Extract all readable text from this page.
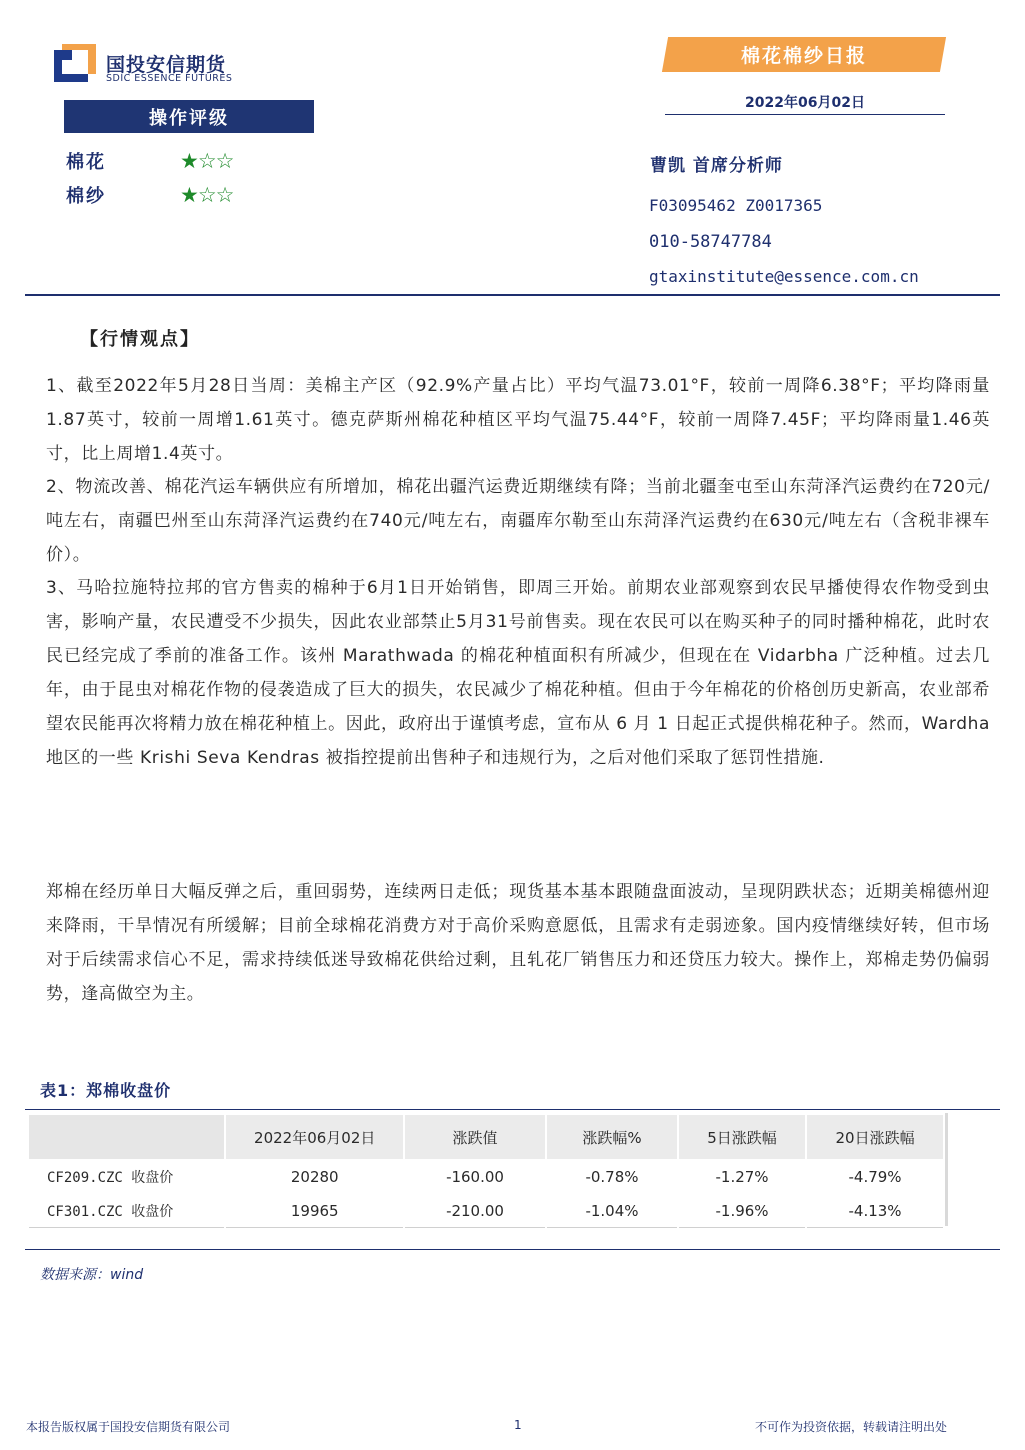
国投安信期货
SDIC ESSENCE FUTURES
操作评级
棉花	★☆☆
棉纱	★☆☆
棉花棉纱日报
2022年06月02日
曹凯 首席分析师
F03095462 Z0017365
010-58747784
gtaxinstitute@essence.com.cn
【行情观点】
1、截至2022年5月28日当周：美棉主产区（92.9%产量占比）平均气温73.01°F，较前一周降6.38°F；平均降雨量1.87英寸，较前一周增1.61英寸。德克萨斯州棉花种植区平均气温75.44°F，较前一周降7.45F；平均降雨量1.46英寸，比上周增1.4英寸。
2、物流改善、棉花汽运车辆供应有所增加，棉花出疆汽运费近期继续有降；当前北疆奎屯至山东菏泽汽运费约在720元/吨左右，南疆巴州至山东菏泽汽运费约在740元/吨左右，南疆库尔勒至山东菏泽汽运费约在630元/吨左右（含税非裸车价）。
3、马哈拉施特拉邦的官方售卖的棉种于6月1日开始销售，即周三开始。前期农业部观察到农民早播使得农作物受到虫害，影响产量，农民遭受不少损失，因此农业部禁止5月31号前售卖。现在农民可以在购买种子的同时播种棉花，此时农民已经完成了季前的准备工作。该州 Marathwada 的棉花种植面积有所减少，但现在在 Vidarbha 广泛种植。过去几年，由于昆虫对棉花作物的侵袭造成了巨大的损失，农民减少了棉花种植。但由于今年棉花的价格创历史新高，农业部希望农民能再次将精力放在棉花种植上。因此，政府出于谨慎考虑，宣布从 6 月 1 日起正式提供棉花种子。然而，Wardha 地区的一些 Krishi Seva Kendras 被指控提前出售种子和违规行为，之后对他们采取了惩罚性措施.
郑棉在经历单日大幅反弹之后，重回弱势，连续两日走低；现货基本基本跟随盘面波动，呈现阴跌状态；近期美棉德州迎来降雨，干旱情况有所缓解；目前全球棉花消费方对于高价采购意愿低，且需求有走弱迹象。国内疫情继续好转，但市场对于后续需求信心不足，需求持续低迷导致棉花供给过剩，且轧花厂销售压力和还贷压力较大。操作上，郑棉走势仍偏弱势，逢高做空为主。
表1：郑棉收盘价
	2022年06月02日	涨跌值	涨跌幅%	5日涨跌幅	20日涨跌幅
CF209.CZC 收盘价	20280	-160.00	-0.78%	-1.27%	-4.79%
CF301.CZC 收盘价	19965	-210.00	-1.04%	-1.96%	-4.13%
数据来源：wind
本报告版权属于国投安信期货有限公司	1	不可作为投资依据，转载请注明出处
